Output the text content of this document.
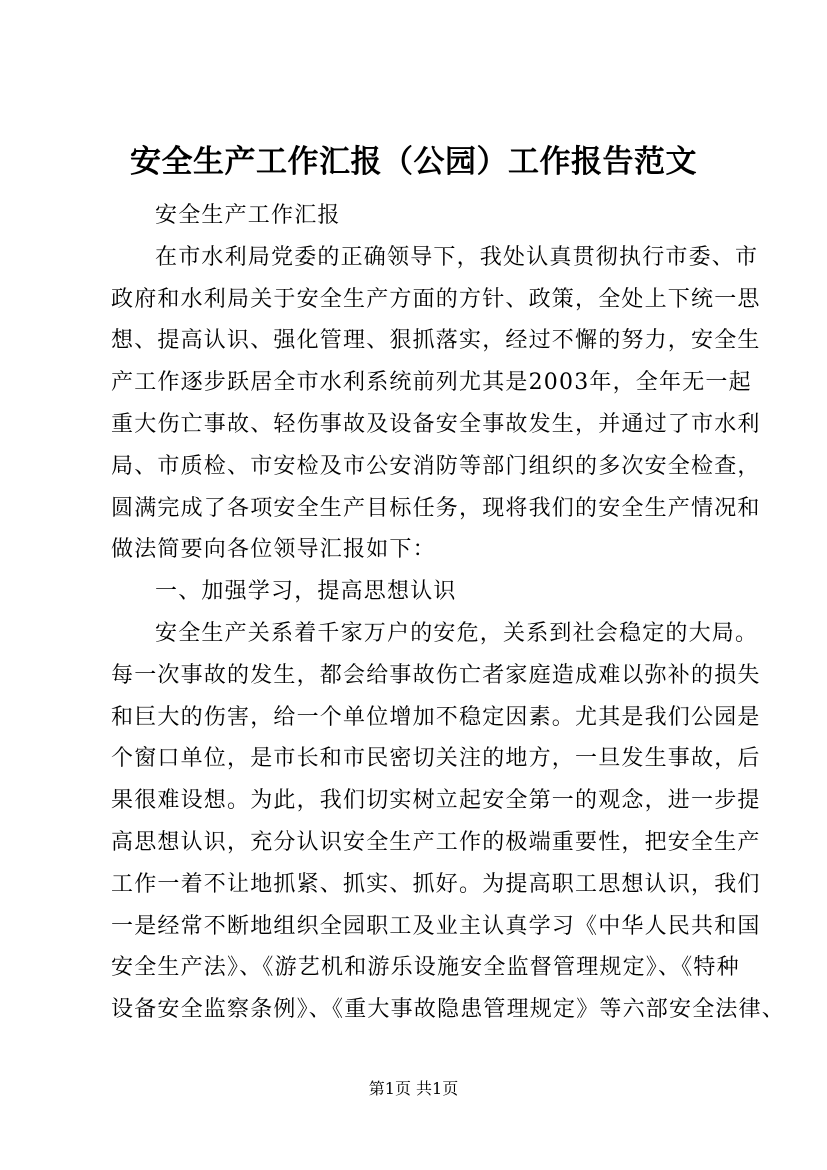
安全生产工作汇报（公园）工作报告范文
安全生产工作汇报
在市水利局党委的正确领导下，我处认真贯彻执行市委、市
政府和水利局关于安全生产方面的方针、政策，全处上下统一思
想、提高认识、强化管理、狠抓落实，经过不懈的努力，安全生
产工作逐步跃居全市水利系统前列尤其是2003年，全年无一起
重大伤亡事故、轻伤事故及设备安全事故发生，并通过了市水利
局、市质检、市安检及市公安消防等部门组织的多次安全检查，
圆满完成了各项安全生产目标任务，现将我们的安全生产情况和
做法简要向各位领导汇报如下：
一、加强学习，提高思想认识
安全生产关系着千家万户的安危，关系到社会稳定的大局。
每一次事故的发生，都会给事故伤亡者家庭造成难以弥补的损失
和巨大的伤害，给一个单位增加不稳定因素。尤其是我们公园是
个窗口单位，是市长和市民密切关注的地方，一旦发生事故，后
果很难设想。为此，我们切实树立起安全第一的观念，进一步提
高思想认识，充分认识安全生产工作的极端重要性，把安全生产
工作一着不让地抓紧、抓实、抓好。为提高职工思想认识，我们
一是经常不断地组织全园职工及业主认真学习《中华人民共和国
安全生产法》、《游艺机和游乐设施安全监督管理规定》、《特种
设备安全监察条例》、《重大事故隐患管理规定》等六部安全法律、
第1页 共1页
